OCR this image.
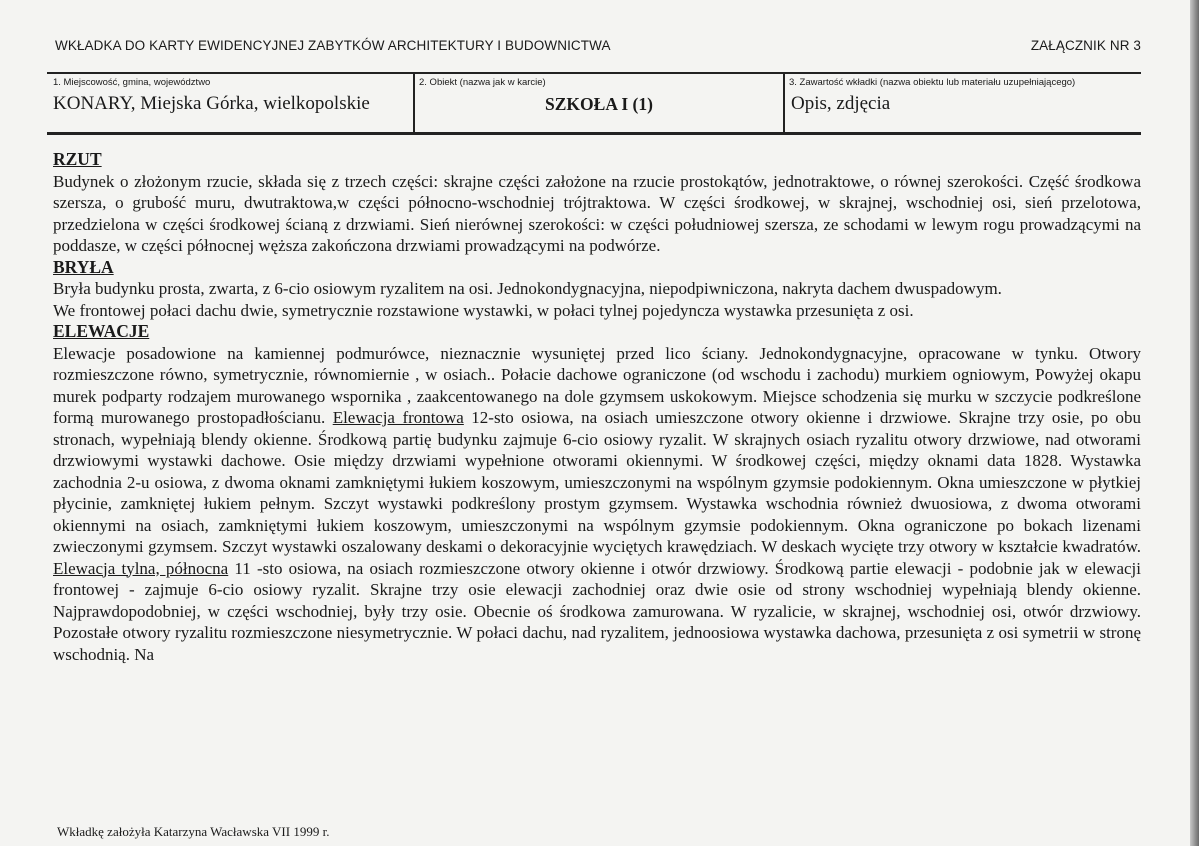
WKŁADKA DO KARTY EWIDENCYJNEJ ZABYTKÓW ARCHITEKTURY I BUDOWNICTWA	ZAŁĄCZNIK NR 3
1. Miejscowość, gmina, województwo
KONARY, Miejska Górka, wielkopolskie
2. Obiekt (nazwa jak w karcie)
SZKOŁA I (1)
3. Zawartość wkładki (nazwa obiektu lub materiału uzupełniającego)
Opis, zdjęcia
RZUT

Budynek o złożonym rzucie, składa się z trzech części: skrajne części założone na rzucie prostokątów, jednotraktowe, o równej szerokości. Część środkowa szersza, o grubość muru, dwutraktowa,w części północno-wschodniej trójtraktowa. W części środkowej, w skrajnej, wschodniej osi, sień przelotowa, przedzielona w części środkowej ścianą z drzwiami. Sień nierównej szerokości: w części południowej szersza, ze schodami w lewym rogu prowadzącymi na poddasze, w części północnej węższa zakończona drzwiami prowadzącymi na podwórze.

BRYŁA

Bryła budynku prosta, zwarta, z 6-cio osiowym ryzalitem na osi. Jednokondygnacyjna, niepodpiwniczona, nakryta dachem dwuspadowym.

We frontowej połaci dachu dwie, symetrycznie rozstawione wystawki, w połaci tylnej pojedyncza wystawka przesunięta z osi.

ELEWACJE

Elewacje posadowione na kamiennej podmurówce, nieznacznie wysuniętej przed lico ściany. Jednokondygnacyjne, opracowane w tynku. Otwory rozmieszczone równo, symetrycznie, równomiernie , w osiach.. Połacie dachowe ograniczone (od wschodu i zachodu) murkiem ogniowym, Powyżej okapu murek podparty rodzajem murowanego wspornika , zaakcentowanego na dole gzymsem uskokowym. Miejsce schodzenia się murku w szczycie podkreślone formą murowanego prostopadłościanu. Elewacja frontowa 12-sto osiowa, na osiach umieszczone otwory okienne i drzwiowe. Skrajne trzy osie, po obu stronach, wypełniają blendy okienne. Środkową partię budynku zajmuje 6-cio osiowy ryzalit. W skrajnych osiach ryzalitu otwory drzwiowe, nad otworami drzwiowymi wystawki dachowe. Osie między drzwiami wypełnione otworami okiennymi. W środkowej części, między oknami data 1828. Wystawka zachodnia 2-u osiowa, z dwoma oknami zamkniętymi łukiem koszowym, umieszczonymi na wspólnym gzymsie podokiennym. Okna umieszczone w płytkiej płycinie, zamkniętej łukiem pełnym. Szczyt wystawki podkreślony prostym gzymsem. Wystawka wschodnia również dwuosiowa, z dwoma otworami okiennymi na osiach, zamkniętymi łukiem koszowym, umieszczonymi na wspólnym gzymsie podokiennym. Okna ograniczone po bokach lizenami zwieczonymi gzymsem. Szczyt wystawki oszalowany deskami o dekoracyjnie wyciętych krawędziach. W deskach wycięte trzy otwory w kształcie kwadratów. Elewacja tylna, północna 11 -sto osiowa, na osiach rozmieszczone otwory okienne i otwór drzwiowy. Środkową partie elewacji - podobnie jak w elewacji frontowej - zajmuje 6-cio osiowy ryzalit. Skrajne trzy osie elewacji zachodniej oraz dwie osie od strony wschodniej wypełniają blendy okienne. Najprawdopodobniej, w części wschodniej, były trzy osie. Obecnie oś środkowa zamurowana. W ryzalicie, w skrajnej, wschodniej osi, otwór drzwiowy. Pozostałe otwory ryzalitu rozmieszczone niesymetrycznie. W połaci dachu, nad ryzalitem, jednoosiowa wystawka dachowa, przesunięta z osi symetrii w stronę wschodnią. Na

Wkładkę założyła Katarzyna Wacławska VII 1999 r.
